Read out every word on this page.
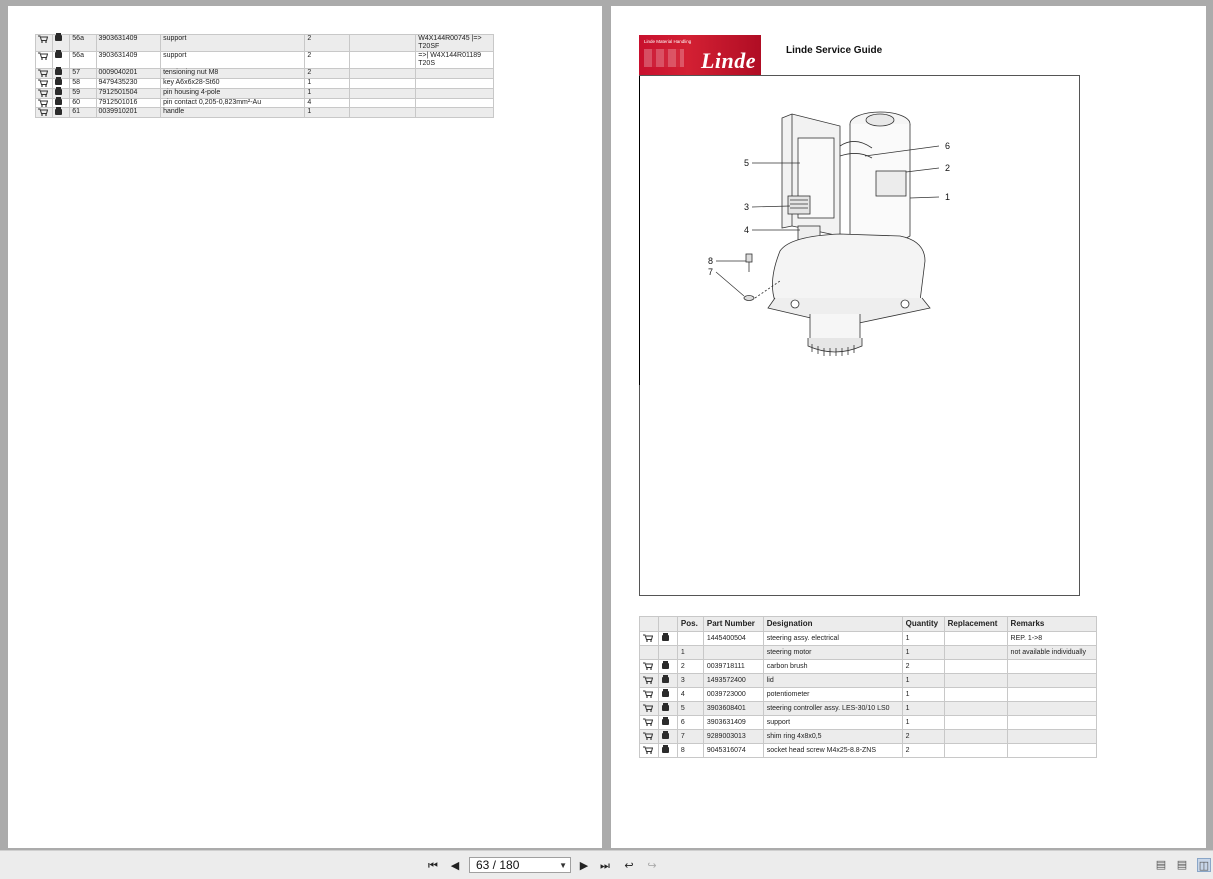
		56a	3903631409	support	2		W4X144R00745 |=> T20SF
		56a	3903631409	support	2		=>| W4X144R01189 T20S
		57	0009040201	tensioning nut M8	2		
		58	9479435230	key A6x6x28-St60	1		
		59	7912501504	pin housing 4-pole	1		
		60	7912501016	pin contact 0,205-0,823mm²-Au	4		
		61	0039910201	handle	1		
Linde Material Handling
Linde	Linde Service Guide
1
2
3
4
5
6
7
8
		Pos.	Part Number	Designation	Quantity	Replacement	Remarks
			1445400504	steering assy. electrical	1		REP. 1->8
		1		steering motor	1		not available individually
		2	0039718111	carbon brush	2		
		3	1493572400	lid	1		
		4	0039723000	potentiometer	1		
		5	3903608401	steering controller assy. LES-30/10 LS0	1		
		6	3903631409	support	1		
		7	9289003013	shim ring 4x8x0,5	2		
		8	9045316074	socket head screw M4x25-8.8-ZNS	2		
⏮ ◀	63 / 180	▼ ▶ ⏭ ↩ ↪	▤ ▤ ◫
